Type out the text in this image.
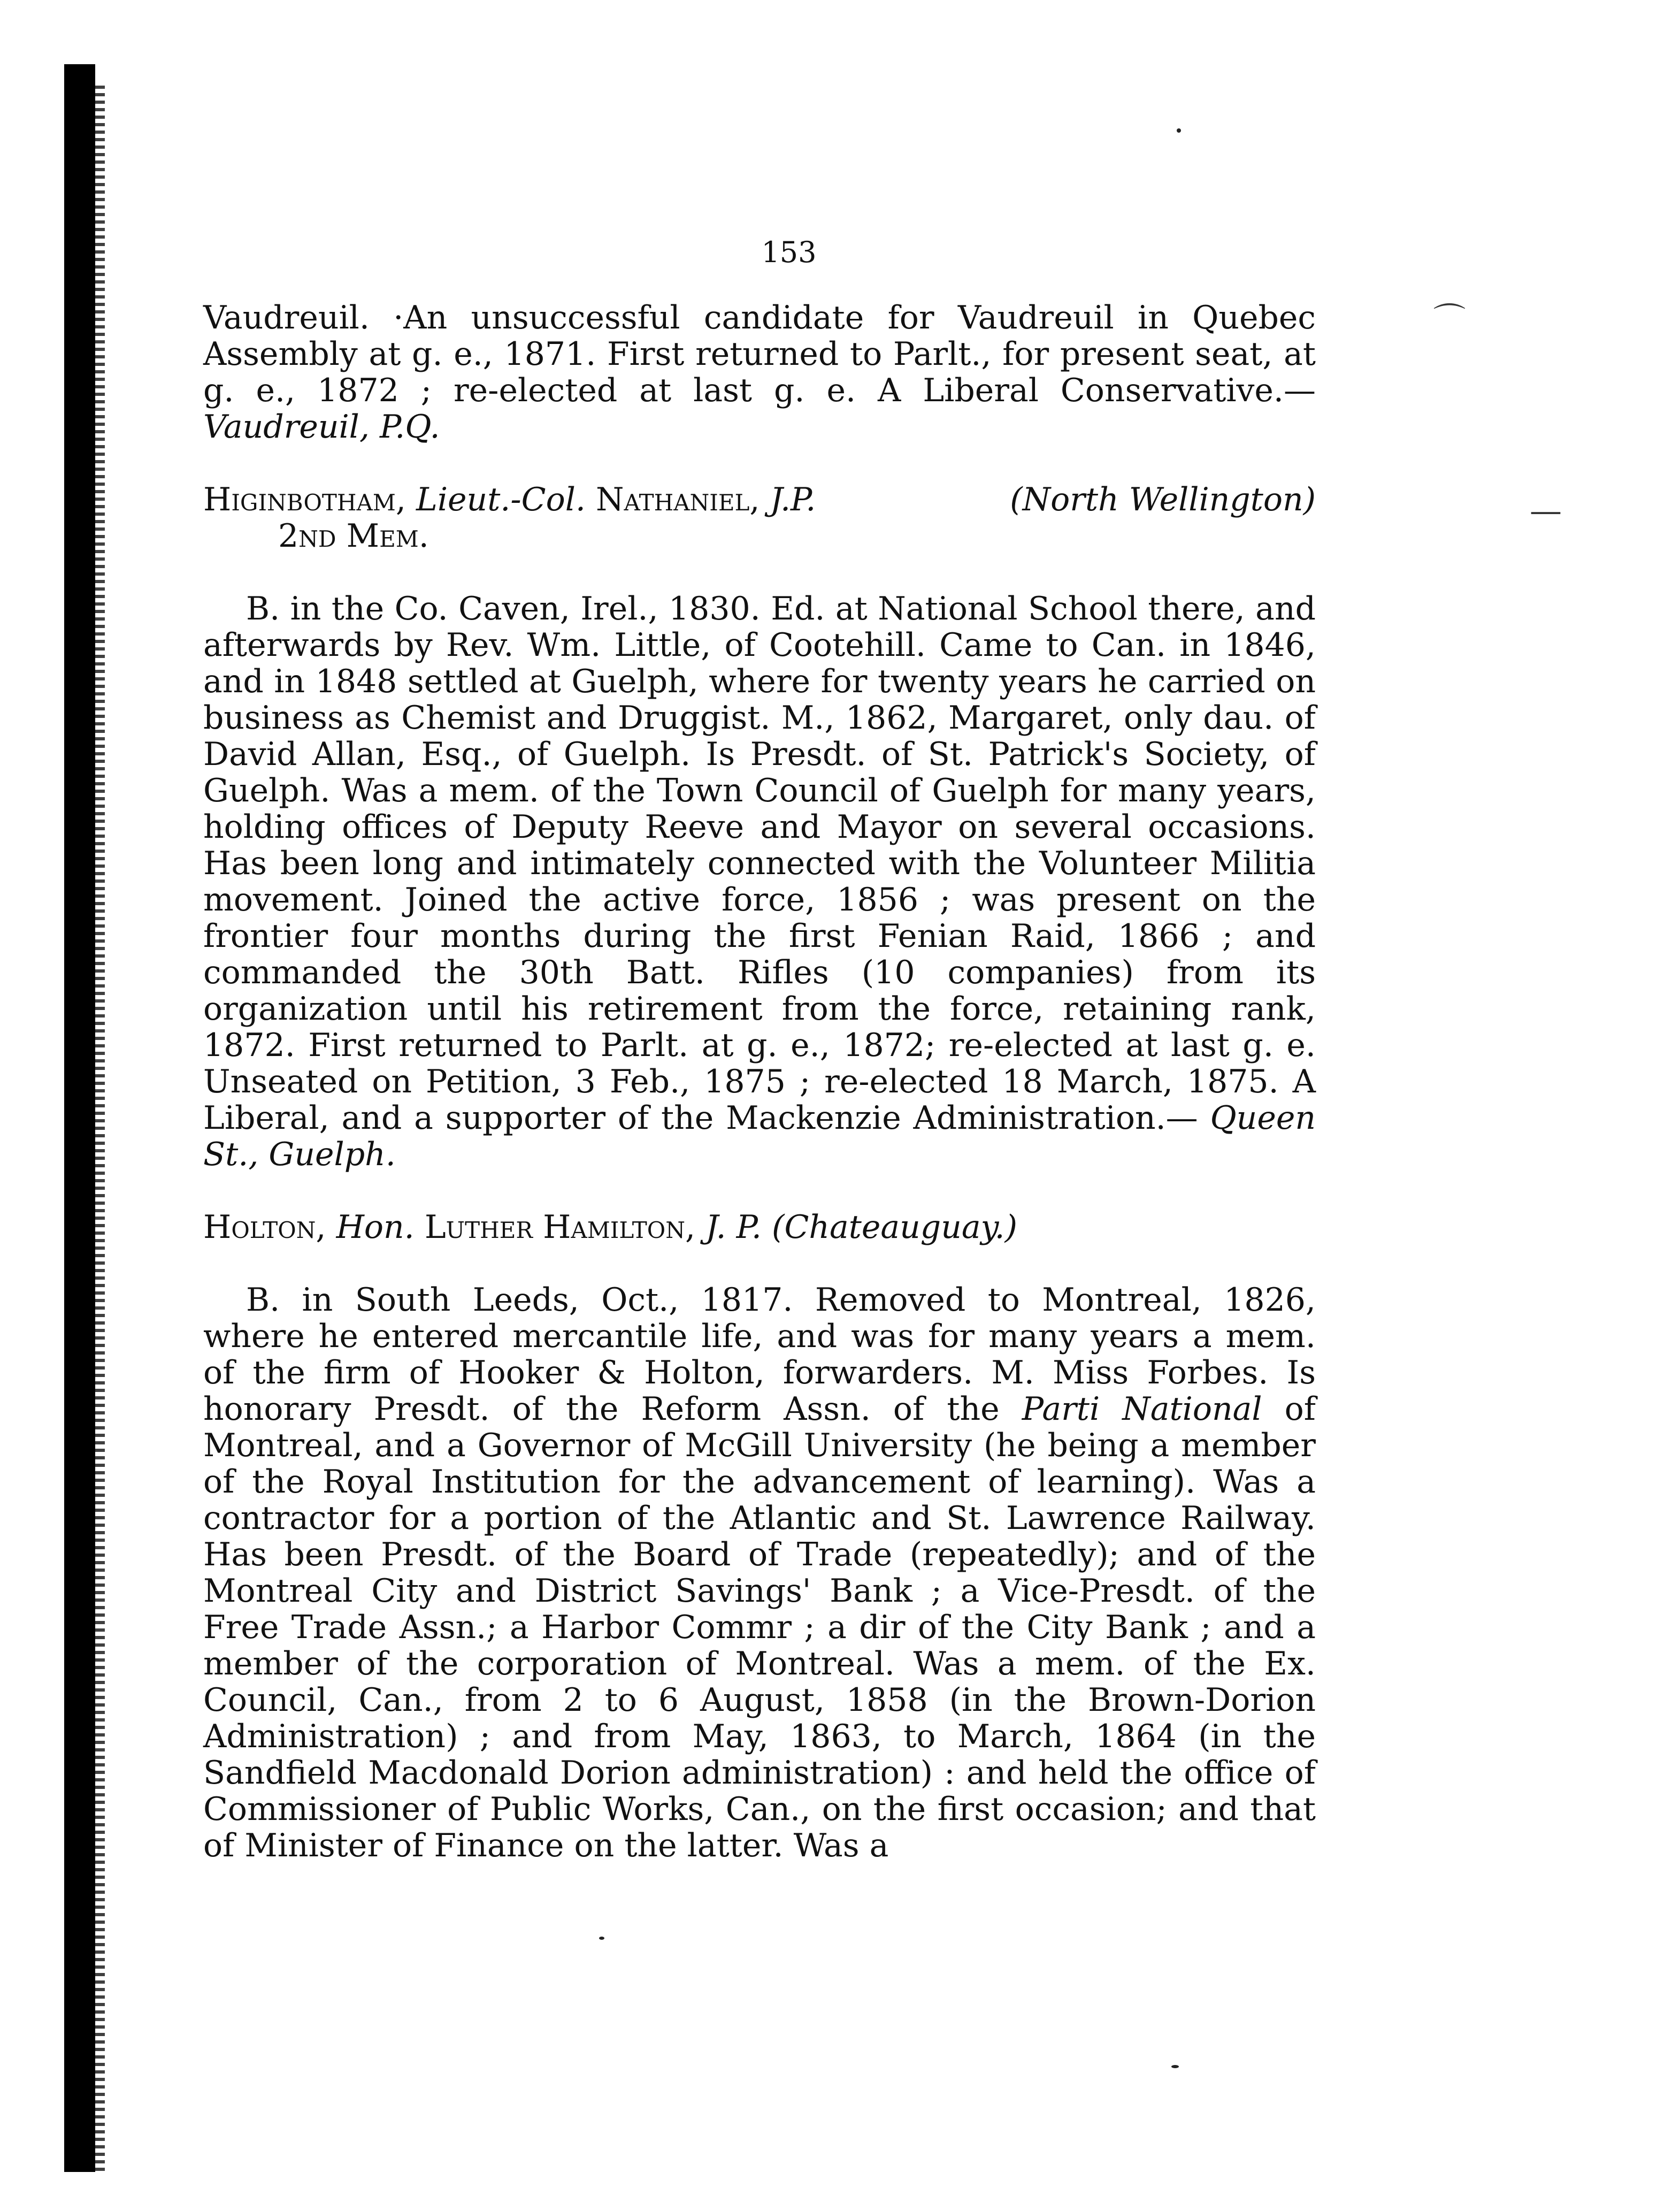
⌒
—
153

Vaudreuil. ·An unsuccessful candidate for Vaudreuil in Quebec Assembly at g. e., 1871. First returned to Parlt., for present seat, at g. e., 1872 ; re-elected at last g. e. A Liberal Conservative.— Vaudreuil, P.Q.

Higinbotham, Lieut.-Col. Nathaniel, J.P.	(North Wellington)
2nd Mem.

B. in the Co. Caven, Irel., 1830. Ed. at National School there, and afterwards by Rev. Wm. Little, of Cootehill. Came to Can. in 1846, and in 1848 settled at Guelph, where for twenty years he carried on business as Chemist and Druggist. M., 1862, Margaret, only dau. of David Allan, Esq., of Guelph. Is Presdt. of St. Patrick's Society, of Guelph. Was a mem. of the Town Council of Guelph for many years, holding offices of Deputy Reeve and Mayor on several occasions. Has been long and intimately connected with the Volunteer Militia movement. Joined the active force, 1856 ; was present on the frontier four months during the first Fenian Raid, 1866 ; and commanded the 30th Batt. Rifles (10 companies) from its organization until his retirement from the force, retaining rank, 1872. First returned to Parlt. at g. e., 1872; re-elected at last g. e. Unseated on Petition, 3 Feb., 1875 ; re-elected 18 March, 1875. A Liberal, and a supporter of the Mackenzie Administration.— Queen St., Guelph.

Holton, Hon. Luther Hamilton, J. P. (Chateauguay.)

B. in South Leeds, Oct., 1817. Removed to Montreal, 1826, where he entered mercantile life, and was for many years a mem. of the firm of Hooker & Holton, forwarders. M. Miss Forbes. Is honorary Presdt. of the Reform Assn. of the Parti National of Montreal, and a Governor of McGill University (he being a member of the Royal Institution for the advancement of learning). Was a contractor for a portion of the Atlantic and St. Lawrence Railway. Has been Presdt. of the Board of Trade (repeatedly); and of the Montreal City and District Savings' Bank ; a Vice-Presdt. of the Free Trade Assn.; a Harbor Commr ; a dir of the City Bank ; and a member of the corporation of Montreal. Was a mem. of the Ex. Council, Can., from 2 to 6 August, 1858 (in the Brown-Dorion Administration) ; and from May, 1863, to March, 1864 (in the Sandfield Macdonald Dorion administration) : and held the office of Commissioner of Public Works, Can., on the first occasion; and that of Minister of Finance on the latter. Was a
